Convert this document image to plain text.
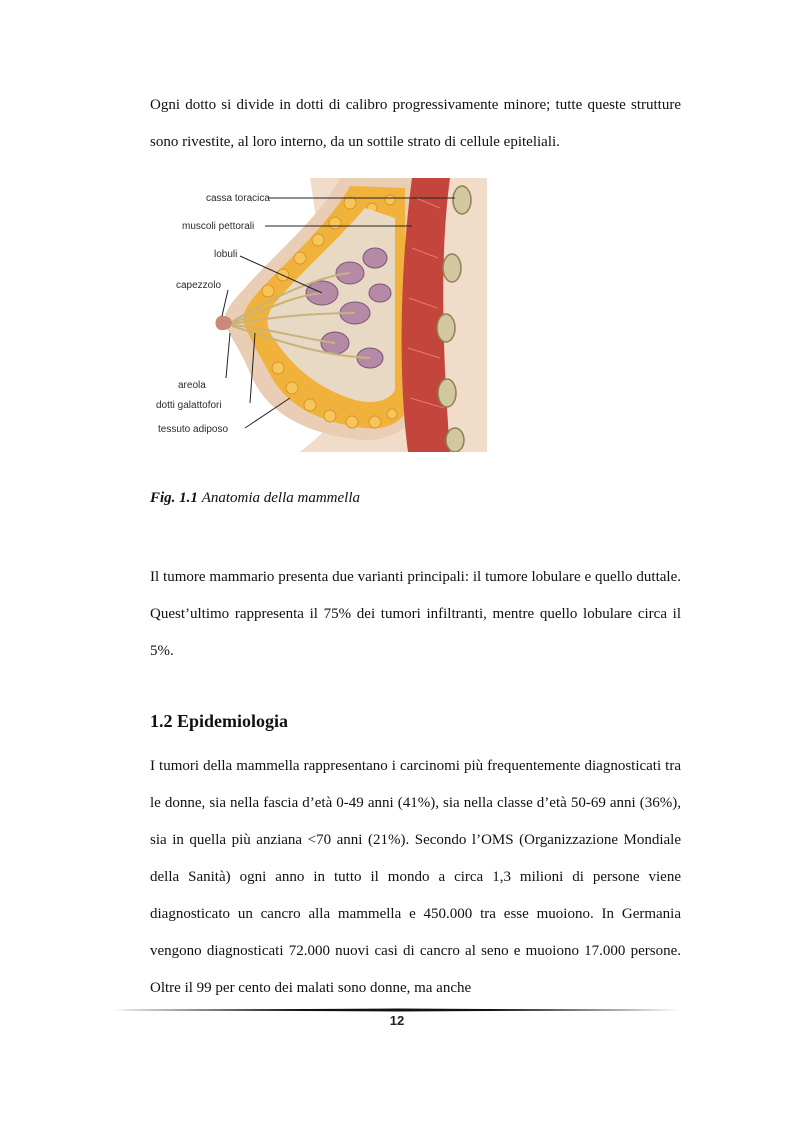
Ogni dotto si divide in dotti di calibro progressivamente minore; tutte queste strutture sono rivestite, al loro interno, da un sottile strato di cellule epiteliali.

cassa toracica
muscoli pettorali
lobuli
capezzolo
areola
dotti galattofori
tessuto adiposo

Fig. 1.1 Anatomia della mammella

Il tumore mammario presenta due varianti principali: il tumore lobulare e quello duttale. Quest’ultimo rappresenta il 75% dei tumori infiltranti, mentre quello lobulare circa il 5%.

1.2 Epidemiologia

I tumori della mammella rappresentano i carcinomi più frequentemente diagnosticati tra le donne, sia nella fascia d’età 0-49 anni (41%), sia nella classe d’età 50-69 anni (36%), sia in quella più anziana <70 anni (21%). Secondo l’OMS (Organizzazione Mondiale della Sanità) ogni anno in tutto il mondo a circa 1,3 milioni di persone viene diagnosticato un cancro alla mammella e 450.000 tra esse muoiono. In Germania vengono diagnosticati 72.000 nuovi casi di cancro al seno e muoiono 17.000 persone. Oltre il 99 per cento dei malati sono donne, ma anche

12
